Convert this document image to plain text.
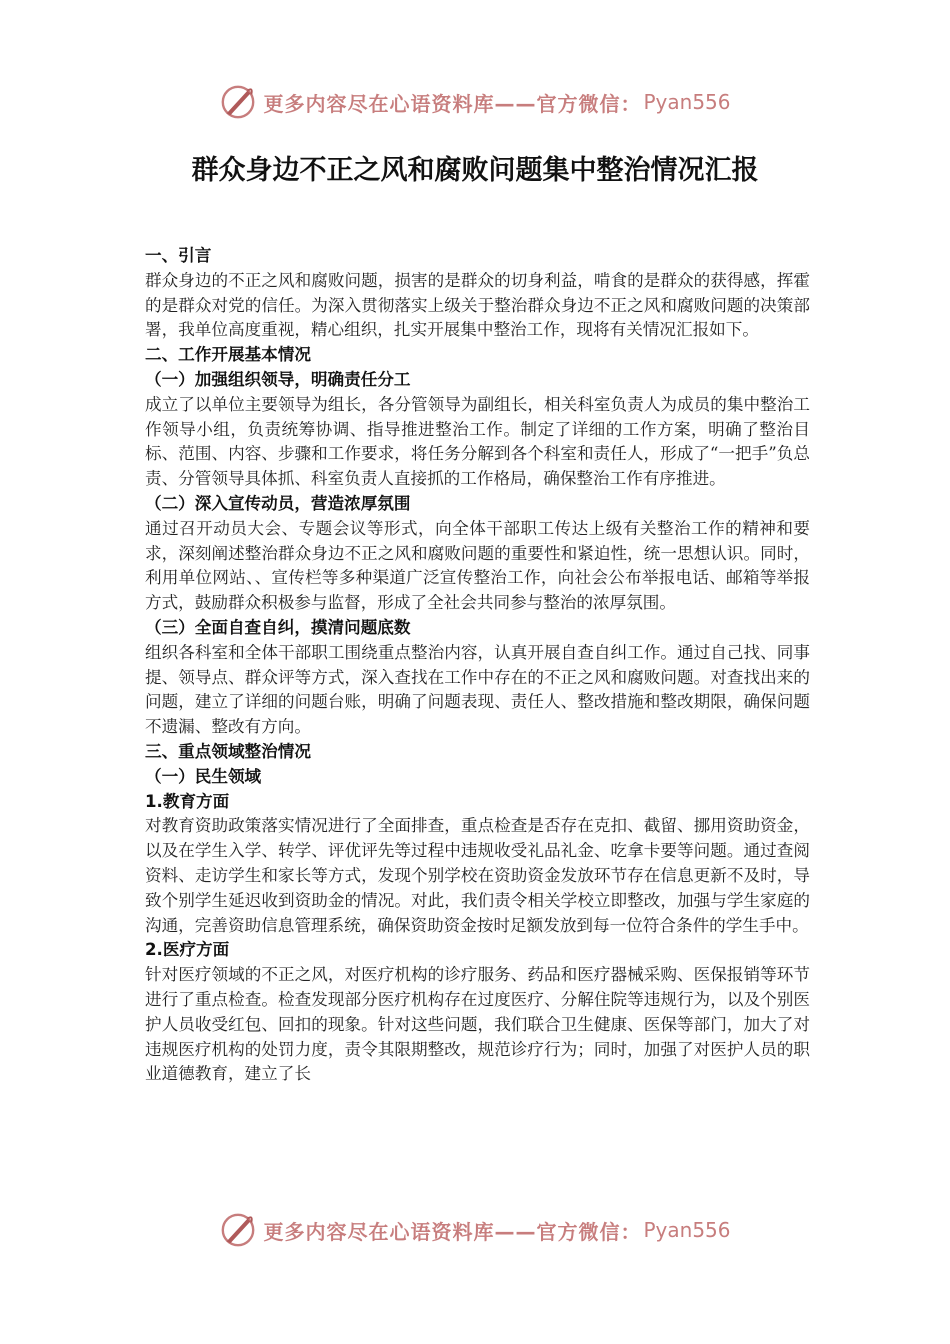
更多内容尽在心语资料库——官方微信： Pyan556
群众身边不正之风和腐败问题集中整治情况汇报

一、引言

群众身边的不正之风和腐败问题，损害的是群众的切身利益，啃食的是群众的获得感，挥霍的是群众对党的信任。为深入贯彻落实上级关于整治群众身边不正之风和腐败问题的决策部署，我单位高度重视，精心组织，扎实开展集中整治工作，现将有关情况汇报如下。

二、工作开展基本情况

（一）加强组织领导，明确责任分工

成立了以单位主要领导为组长，各分管领导为副组长，相关科室负责人为成员的集中整治工作领导小组，负责统筹协调、指导推进整治工作。制定了详细的工作方案，明确了整治目标、范围、内容、步骤和工作要求，将任务分解到各个科室和责任人，形成了“一把手”负总责、分管领导具体抓、科室负责人直接抓的工作格局，确保整治工作有序推进。

（二）深入宣传动员，营造浓厚氛围

通过召开动员大会、专题会议等形式，向全体干部职工传达上级有关整治工作的精神和要求，深刻阐述整治群众身边不正之风和腐败问题的重要性和紧迫性，统一思想认识。同时，利用单位网站、、宣传栏等多种渠道广泛宣传整治工作，向社会公布举报电话、邮箱等举报方式，鼓励群众积极参与监督，形成了全社会共同参与整治的浓厚氛围。

（三）全面自查自纠，摸清问题底数

组织各科室和全体干部职工围绕重点整治内容，认真开展自查自纠工作。通过自己找、同事提、领导点、群众评等方式，深入查找在工作中存在的不正之风和腐败问题。对查找出来的问题，建立了详细的问题台账，明确了问题表现、责任人、整改措施和整改期限，确保问题不遗漏、整改有方向。

三、重点领域整治情况

（一）民生领域

1.教育方面

对教育资助政策落实情况进行了全面排查，重点检查是否存在克扣、截留、挪用资助资金，以及在学生入学、转学、评优评先等过程中违规收受礼品礼金、吃拿卡要等问题。通过查阅资料、走访学生和家长等方式，发现个别学校在资助资金发放环节存在信息更新不及时，导致个别学生延迟收到资助金的情况。对此，我们责令相关学校立即整改，加强与学生家庭的沟通，完善资助信息管理系统，确保资助资金按时足额发放到每一位符合条件的学生手中。

2.医疗方面

针对医疗领域的不正之风，对医疗机构的诊疗服务、药品和医疗器械采购、医保报销等环节进行了重点检查。检查发现部分医疗机构存在过度医疗、分解住院等违规行为，以及个别医护人员收受红包、回扣的现象。针对这些问题，我们联合卫生健康、医保等部门，加大了对违规医疗机构的处罚力度，责令其限期整改，规范诊疗行为；同时，加强了对医护人员的职业道德教育，建立了长

更多内容尽在心语资料库——官方微信： Pyan556
